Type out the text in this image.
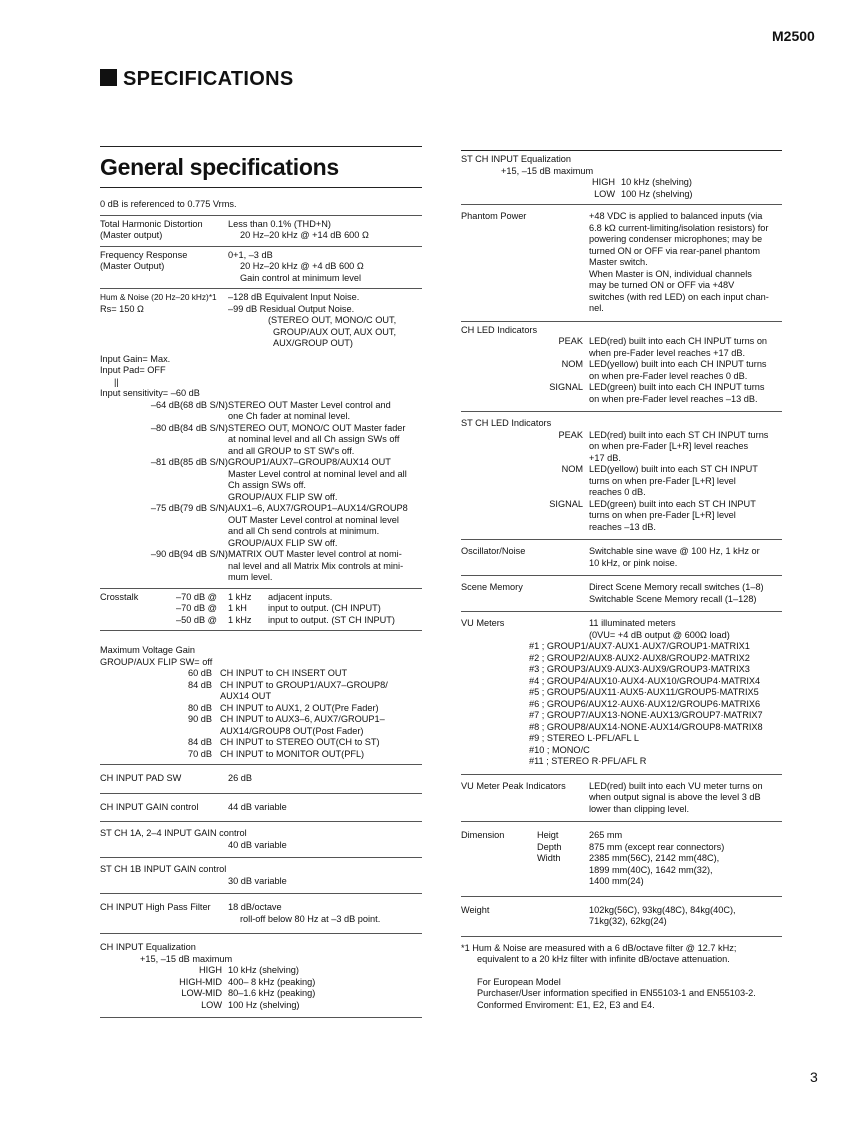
M2500
SPECIFICATIONS
General specifications
0 dB is referenced to 0.775 Vrms.
Total Harmonic Distortion	Less than 0.1% (THD+N)
(Master output)	20 Hz–20 kHz @ +14 dB 600 Ω
Frequency Response	0+1, –3 dB
(Master Output)	20 Hz–20 kHz @ +4 dB 600 Ω
Gain control at minimum level
Hum & Noise (20 Hz–20 kHz)*1	–128 dB Equivalent Input Noise.
Rs= 150 Ω	–99 dB Residual Output Noise.
(STEREO OUT, MONO/C OUT,
GROUP/AUX OUT, AUX OUT,
AUX/GROUP OUT)
Input Gain= Max.
Input Pad= OFF
||
Input sensitivity= –60 dB
–64 dB(68 dB S/N) STEREO OUT Master Level control and
one Ch fader at nominal level.
–80 dB(84 dB S/N) STEREO OUT, MONO/C OUT Master fader
at nominal level and all Ch assign SWs off
and all GROUP to ST SW's off.
–81 dB(85 dB S/N) GROUP1/AUX7–GROUP8/AUX14 OUT
Master Level control at nominal level and all
Ch assign SWs off.
GROUP/AUX FLIP SW off.
–75 dB(79 dB S/N) AUX1–6, AUX7/GROUP1–AUX14/GROUP8
OUT Master Level control at nominal level
and all Ch send controls at minimum.
GROUP/AUX FLIP SW off.
–90 dB(94 dB S/N) MATRIX OUT Master level control at nomi-
nal level and all Matrix Mix controls at mini-
mum level.
Crosstalk	–70 dB @	1 kHz	adjacent inputs.
–70 dB @	1 kH	input to output. (CH INPUT)
–50 dB @	1 kHz	input to output. (ST CH INPUT)
Maximum Voltage Gain
GROUP/AUX FLIP SW= off
60 dB CH INPUT to CH INSERT OUT
84 dB CH INPUT to GROUP1/AUX7–GROUP8/
AUX14 OUT
80 dB CH INPUT to AUX1, 2 OUT(Pre Fader)
90 dB CH INPUT to AUX3–6, AUX7/GROUP1–
AUX14/GROUP8 OUT(Post Fader)
84 dB CH INPUT to STEREO OUT(CH to ST)
70 dB CH INPUT to MONITOR OUT(PFL)
CH INPUT PAD SW	26 dB
CH INPUT GAIN control	44 dB variable
ST CH 1A, 2–4 INPUT GAIN control
40 dB variable
ST CH 1B INPUT GAIN control
30 dB variable
CH INPUT High Pass Filter	18 dB/octave
roll-off below 80 Hz at –3 dB point.
CH INPUT Equalization
+15, –15 dB maximum
HIGH 10 kHz (shelving)
HIGH-MID 400– 8 kHz (peaking)
LOW-MID 80–1.6 kHz (peaking)
LOW 100 Hz (shelving)
ST CH INPUT Equalization
+15, –15 dB maximum
HIGH 10 kHz (shelving)
LOW 100 Hz (shelving)
Phantom Power	+48 VDC is applied to balanced inputs (via
6.8 kΩ current-limiting/isolation resistors) for
powering condenser microphones; may be
turned ON or OFF via rear-panel phantom
Master switch.
When Master is ON, individual channels
may be turned ON or OFF via +48V
switches (with red LED) on each input chan-
nel.
CH LED Indicators
PEAK LED(red) built into each CH INPUT turns on
when pre-Fader level reaches +17 dB.
NOM LED(yellow) built into each CH INPUT turns
on when pre-Fader level reaches 0 dB.
SIGNAL LED(green) built into each CH INPUT turns
on when pre-Fader level reaches –13 dB.
ST CH LED Indicators
PEAK LED(red) built into each ST CH INPUT turns
on when pre-Fader [L+R] level reaches
+17 dB.
NOM LED(yellow) built into each ST CH INPUT
turns on when pre-Fader [L+R] level
reaches 0 dB.
SIGNAL LED(green) built into each ST CH INPUT
turns on when pre-Fader [L+R] level
reaches –13 dB.
Oscillator/Noise	Switchable sine wave @ 100 Hz, 1 kHz or
10 kHz, or pink noise.
Scene Memory	Direct Scene Memory recall switches (1–8)
Switchable Scene Memory recall (1–128)
VU Meters	11 illuminated meters
(0VU= +4 dB output @ 600Ω load)
#1 ; GROUP1/AUX7·AUX1·AUX7/GROUP1·MATRIX1
#2 ; GROUP2/AUX8·AUX2·AUX8/GROUP2·MATRIX2
#3 ; GROUP3/AUX9·AUX3·AUX9/GROUP3·MATRIX3
#4 ; GROUP4/AUX10·AUX4·AUX10/GROUP4·MATRIX4
#5 ; GROUP5/AUX11·AUX5·AUX11/GROUP5·MATRIX5
#6 ; GROUP6/AUX12·AUX6·AUX12/GROUP6·MATRIX6
#7 ; GROUP7/AUX13·NONE·AUX13/GROUP7·MATRIX7
#8 ; GROUP8/AUX14·NONE·AUX14/GROUP8·MATRIX8
#9 ; STEREO L·PFL/AFL L
#10 ; MONO/C
#11 ; STEREO R·PFL/AFL R
VU Meter Peak Indicators	LED(red) built into each VU meter turns on
when output signal is above the level 3 dB
lower than clipping level.
Dimension	Heigt	265 mm
Depth	875 mm (except rear connectors)
Width	2385 mm(56C), 2142 mm(48C),
1899 mm(40C), 1642 mm(32),
1400 mm(24)
Weight	102kg(56C), 93kg(48C), 84kg(40C),
71kg(32), 62kg(24)
*1 Hum & Noise are measured with a 6 dB/octave filter @ 12.7 kHz;
equivalent to a 20 kHz filter with infinite dB/octave attenuation.
For European Model
Purchaser/User information specified in EN55103-1 and EN55103-2.
Conformed Enviroment: E1, E2, E3 and E4.
3
